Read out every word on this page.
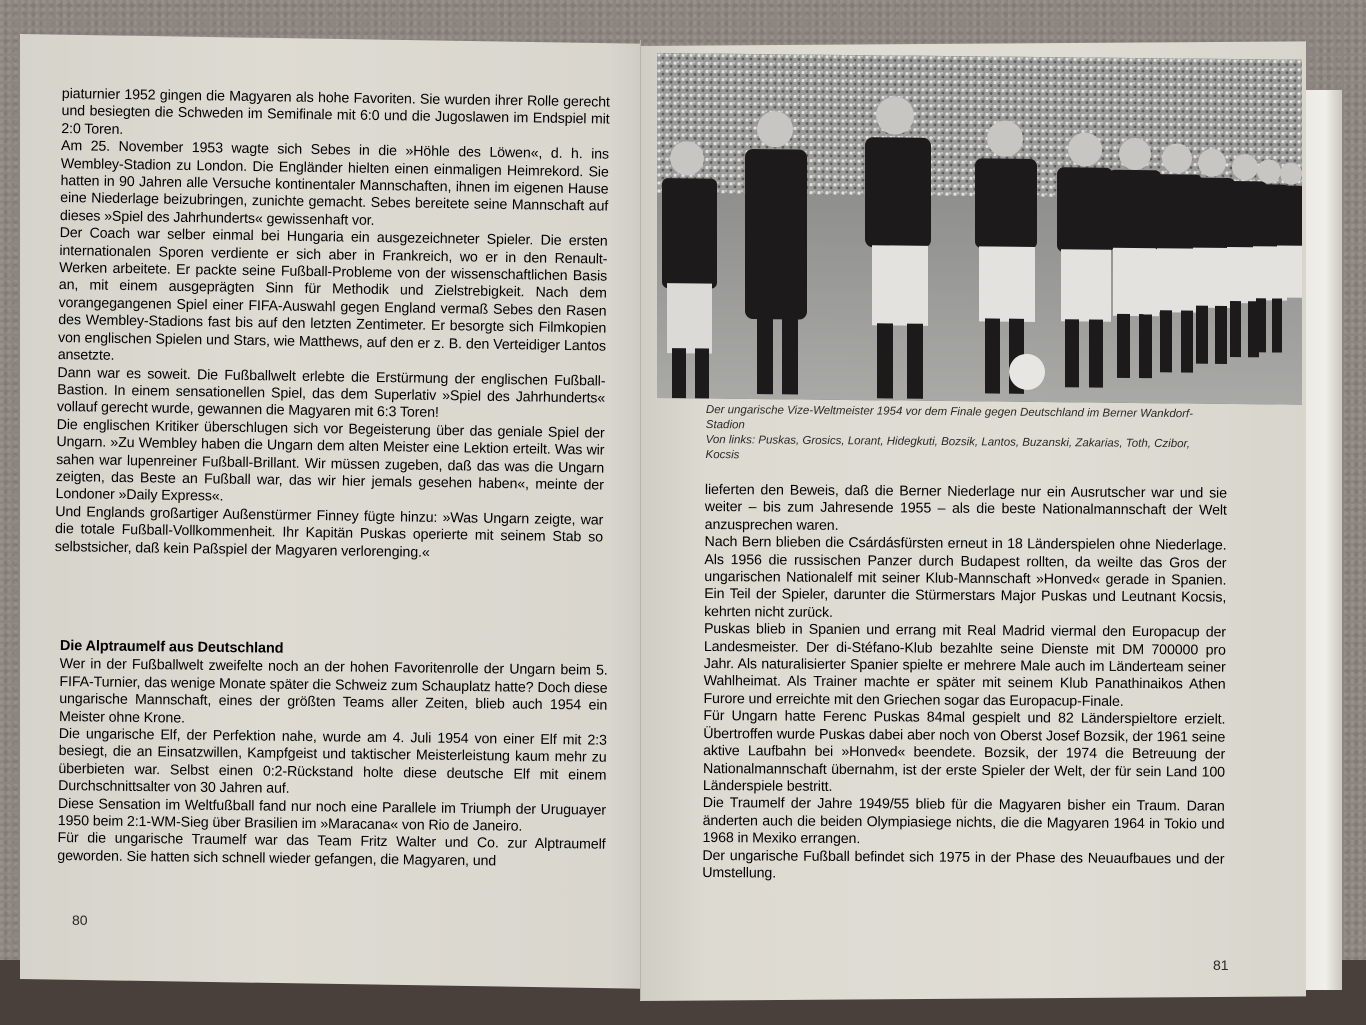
piaturnier 1952 gingen die Magyaren als hohe Favoriten. Sie wurden ihrer Rolle gerecht und besiegten die Schweden im Semifinale mit 6:0 und die Jugoslawen im Endspiel mit 2:0 Toren.

Am 25. November 1953 wagte sich Sebes in die »Höhle des Löwen«, d. h. ins Wembley-Stadion zu London. Die Engländer hielten einen einmaligen Heimrekord. Sie hatten in 90 Jahren alle Versuche kontinentaler Mannschaften, ihnen im eigenen Hause eine Niederlage beizubringen, zunichte gemacht. Sebes bereitete seine Mannschaft auf dieses »Spiel des Jahrhunderts« gewissenhaft vor.

Der Coach war selber einmal bei Hungaria ein ausgezeichneter Spieler. Die ersten internationalen Sporen verdiente er sich aber in Frankreich, wo er in den Renault-Werken arbeitete. Er packte seine Fußball-Probleme von der wissenschaftlichen Basis an, mit einem ausgeprägten Sinn für Methodik und Zielstrebigkeit. Nach dem vorangegangenen Spiel einer FIFA-Auswahl gegen England vermaß Sebes den Rasen des Wembley-Stadions fast bis auf den letzten Zentimeter. Er besorgte sich Filmkopien von englischen Spielen und Stars, wie Matthews, auf den er z. B. den Verteidiger Lantos ansetzte.

Dann war es soweit. Die Fußballwelt erlebte die Erstürmung der englischen Fußball-Bastion. In einem sensationellen Spiel, das dem Superlativ »Spiel des Jahrhunderts« vollauf gerecht wurde, gewannen die Magyaren mit 6:3 Toren!

Die englischen Kritiker überschlugen sich vor Begeisterung über das geniale Spiel der Ungarn. »Zu Wembley haben die Ungarn dem alten Meister eine Lektion erteilt. Was wir sahen war lupenreiner Fußball-Brillant. Wir müssen zugeben, daß das was die Ungarn zeigten, das Beste an Fußball war, das wir hier jemals gesehen haben«, meinte der Londoner »Daily Express«.

Und Englands großartiger Außenstürmer Finney fügte hinzu: »Was Ungarn zeigte, war die totale Fußball-Vollkommenheit. Ihr Kapitän Puskas operierte mit seinem Stab so selbstsicher, daß kein Paßspiel der Magyaren verlorenging.«

Die Alptraumelf aus Deutschland

Wer in der Fußballwelt zweifelte noch an der hohen Favoritenrolle der Ungarn beim 5. FIFA-Turnier, das wenige Monate später die Schweiz zum Schauplatz hatte? Doch diese ungarische Mannschaft, eines der größten Teams aller Zeiten, blieb auch 1954 ein Meister ohne Krone.

Die ungarische Elf, der Perfektion nahe, wurde am 4. Juli 1954 von einer Elf mit 2:3 besiegt, die an Einsatzwillen, Kampfgeist und taktischer Meisterleistung kaum mehr zu überbieten war. Selbst einen 0:2-Rückstand holte diese deutsche Elf mit einem Durchschnittsalter von 30 Jahren auf.

Diese Sensation im Weltfußball fand nur noch eine Parallele im Triumph der Uruguayer 1950 beim 2:1-WM-Sieg über Brasilien im »Maracana« von Rio de Janeiro.

Für die ungarische Traumelf war das Team Fritz Walter und Co. zur Alptraumelf geworden. Sie hatten sich schnell wieder gefangen, die Magyaren, und

80

Der ungarische Vize-Weltmeister 1954 vor dem Finale gegen Deutschland im Berner Wankdorf-Stadion

Von links: Puskas, Grosics, Lorant, Hidegkuti, Bozsik, Lantos, Buzanski, Zakarias, Toth, Czibor, Kocsis

lieferten den Beweis, daß die Berner Niederlage nur ein Ausrutscher war und sie weiter – bis zum Jahresende 1955 – als die beste Nationalmannschaft der Welt anzusprechen waren.

Nach Bern blieben die Csárdásfürsten erneut in 18 Länderspielen ohne Niederlage. Als 1956 die russischen Panzer durch Budapest rollten, da weilte das Gros der ungarischen Nationalelf mit seiner Klub-Mannschaft »Honved« gerade in Spanien. Ein Teil der Spieler, darunter die Stürmerstars Major Puskas und Leutnant Kocsis, kehrten nicht zurück.

Puskas blieb in Spanien und errang mit Real Madrid viermal den Europacup der Landesmeister. Der di-Stéfano-Klub bezahlte seine Dienste mit DM 700000 pro Jahr. Als naturalisierter Spanier spielte er mehrere Male auch im Länderteam seiner Wahlheimat. Als Trainer machte er später mit seinem Klub Panathinaikos Athen Furore und erreichte mit den Griechen sogar das Europacup-Finale.

Für Ungarn hatte Ferenc Puskas 84mal gespielt und 82 Länderspieltore erzielt. Übertroffen wurde Puskas dabei aber noch von Oberst Josef Bozsik, der 1961 seine aktive Laufbahn bei »Honved« beendete. Bozsik, der 1974 die Betreuung der Nationalmannschaft übernahm, ist der erste Spieler der Welt, der für sein Land 100 Länderspiele bestritt.

Die Traumelf der Jahre 1949/55 blieb für die Magyaren bisher ein Traum. Daran änderten auch die beiden Olympiasiege nichts, die die Magyaren 1964 in Tokio und 1968 in Mexiko errangen.

Der ungarische Fußball befindet sich 1975 in der Phase des Neuaufbaues und der Umstellung.

81
